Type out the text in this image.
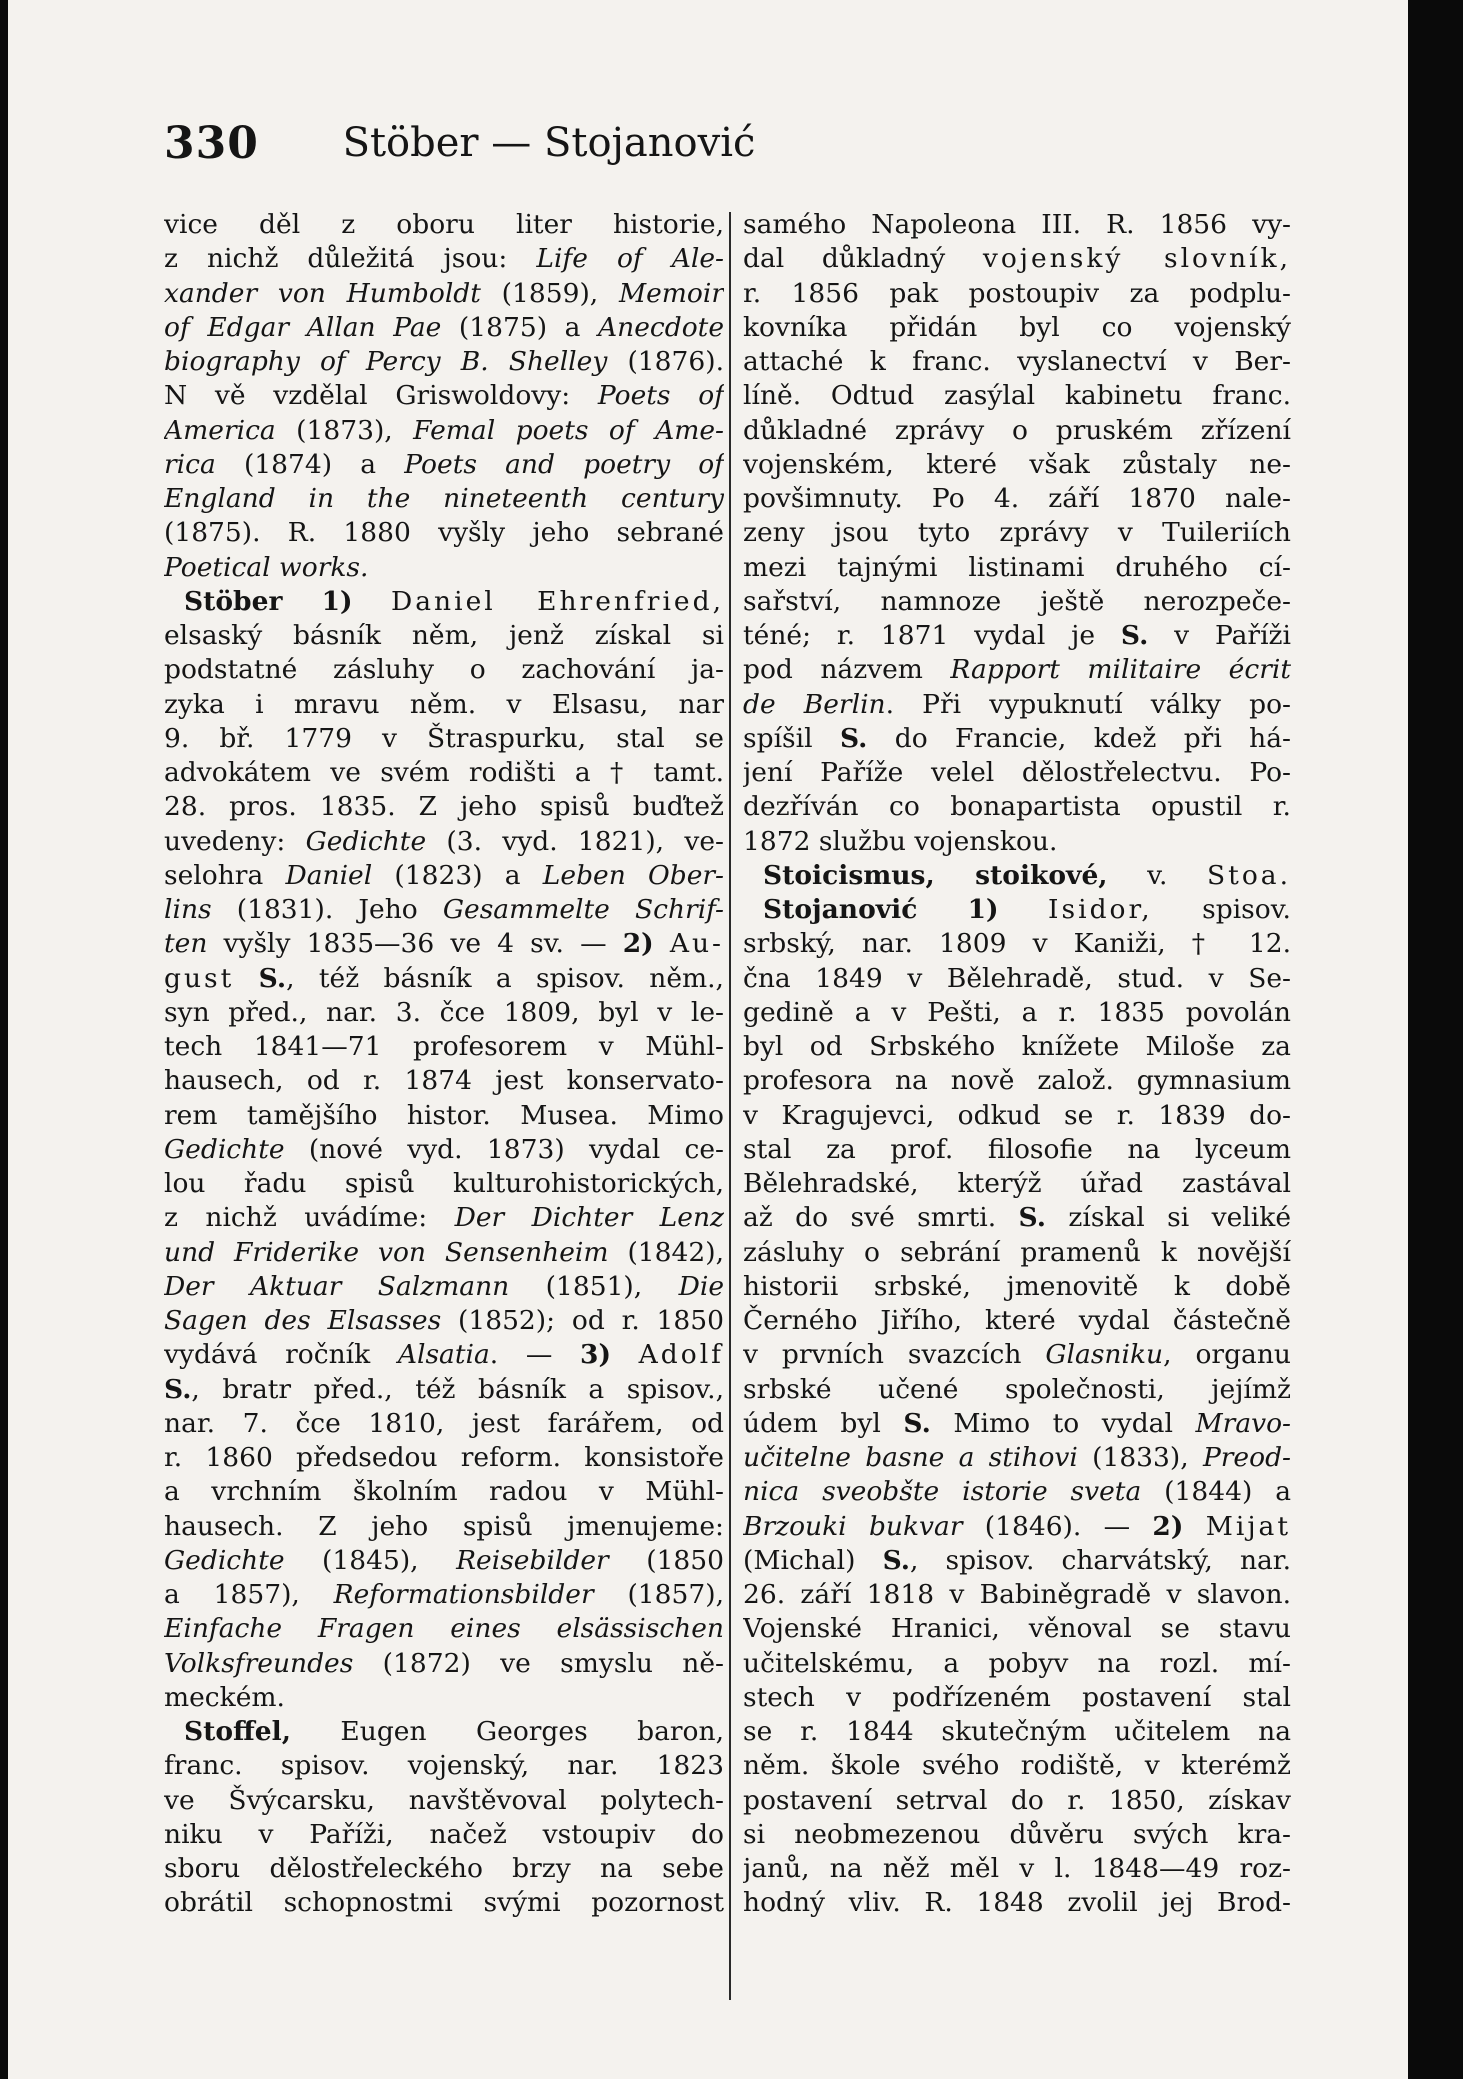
330	Stöber — Stojanović
vice děl z oboru liter historie,
z nichž důležitá jsou: Life of Ale-
xander von Humboldt (1859), Memoir
of Edgar Allan Pae (1875) a Anecdote
biography of Percy B. Shelley (1876).
N vě vzdělal Griswoldovy: Poets of
America (1873), Femal poets of Ame-
rica (1874) a Poets and poetry of
England in the nineteenth century
(1875). R. 1880 vyšly jeho sebrané
Poetical works.
Stöber 1) Daniel Ehrenfried,
elsaský básník něm, jenž získal si
podstatné zásluhy o zachování ja-
zyka i mravu něm. v Elsasu, nar
9. bř. 1779 v Štraspurku, stal se
advokátem ve svém rodišti a † tamt.
28. pros. 1835. Z jeho spisů buďtež
uvedeny: Gedichte (3. vyd. 1821), ve-
selohra Daniel (1823) a Leben Ober-
lins (1831). Jeho Gesammelte Schrif-
ten vyšly 1835—36 ve 4 sv. — 2) Au-
gust S., též básník a spisov. něm.,
syn před., nar. 3. čce 1809, byl v le-
tech 1841—71 profesorem v Mühl-
hausech, od r. 1874 jest konservato-
rem tamějšího histor. Musea. Mimo
Gedichte (nové vyd. 1873) vydal ce-
lou řadu spisů kulturohistorických,
z nichž uvádíme: Der Dichter Lenz
und Friderike von Sensenheim (1842),
Der Aktuar Salzmann (1851), Die
Sagen des Elsasses (1852); od r. 1850
vydává ročník Alsatia. — 3) Adolf
S., bratr před., též básník a spisov.,
nar. 7. čce 1810, jest farářem, od
r. 1860 předsedou reform. konsistoře
a vrchním školním radou v Mühl-
hausech. Z jeho spisů jmenujeme:
Gedichte (1845), Reisebilder (1850
a 1857), Reformationsbilder (1857),
Einfache Fragen eines elsässischen
Volksfreundes (1872) ve smyslu ně-
meckém.
Stoffel, Eugen Georges baron,
franc. spisov. vojenský, nar. 1823
ve Švýcarsku, navštěvoval polytech-
niku v Paříži, načež vstoupiv do
sboru dělostřeleckého brzy na sebe
obrátil schopnostmi svými pozornost
samého Napoleona III. R. 1856 vy-
dal důkladný vojenský slovník,
r. 1856 pak postoupiv za podplu-
kovníka přidán byl co vojenský
attaché k franc. vyslanectví v Ber-
líně. Odtud zasýlal kabinetu franc.
důkladné zprávy o pruském zřízení
vojenském, které však zůstaly ne-
povšimnuty. Po 4. září 1870 nale-
zeny jsou tyto zprávy v Tuileriích
mezi tajnými listinami druhého cí-
sařství, namnoze ještě nerozpeče-
téné; r. 1871 vydal je S. v Paříži
pod názvem Rapport militaire écrit
de Berlin. Při vypuknutí války po-
spíšil S. do Francie, kdež při há-
jení Paříže velel dělostřelectvu. Po-
dezříván co bonapartista opustil r.
1872 službu vojenskou.
Stoicismus, stoikové, v. Stoa.
Stojanović 1) Isidor, spisov.
srbský, nar. 1809 v Kaniži, † 12.
čna 1849 v Bělehradě, stud. v Se-
gedině a v Pešti, a r. 1835 povolán
byl od Srbského knížete Miloše za
profesora na nově založ. gymnasium
v Kragujevci, odkud se r. 1839 do-
stal za prof. filosofie na lyceum
Bělehradské, kterýž úřad zastával
až do své smrti. S. získal si veliké
zásluhy o sebrání pramenů k novější
historii srbské, jmenovitě k době
Černého Jiřího, které vydal částečně
v prvních svazcích Glasniku, organu
srbské učené společnosti, jejímž
údem byl S. Mimo to vydal Mravo-
učitelne basne a stihovi (1833), Preod-
nica sveobšte istorie sveta (1844) a
Brzouki bukvar (1846). — 2) Mijat
(Michal) S., spisov. charvátský, nar.
26. září 1818 v Babiněgradě v slavon.
Vojenské Hranici, věnoval se stavu
učitelskému, a pobyv na rozl. mí-
stech v podřízeném postavení stal
se r. 1844 skutečným učitelem na
něm. škole svého rodiště, v kterémž
postavení setrval do r. 1850, získav
si neobmezenou důvěru svých kra-
janů, na něž měl v l. 1848—49 roz-
hodný vliv. R. 1848 zvolil jej Brod-
